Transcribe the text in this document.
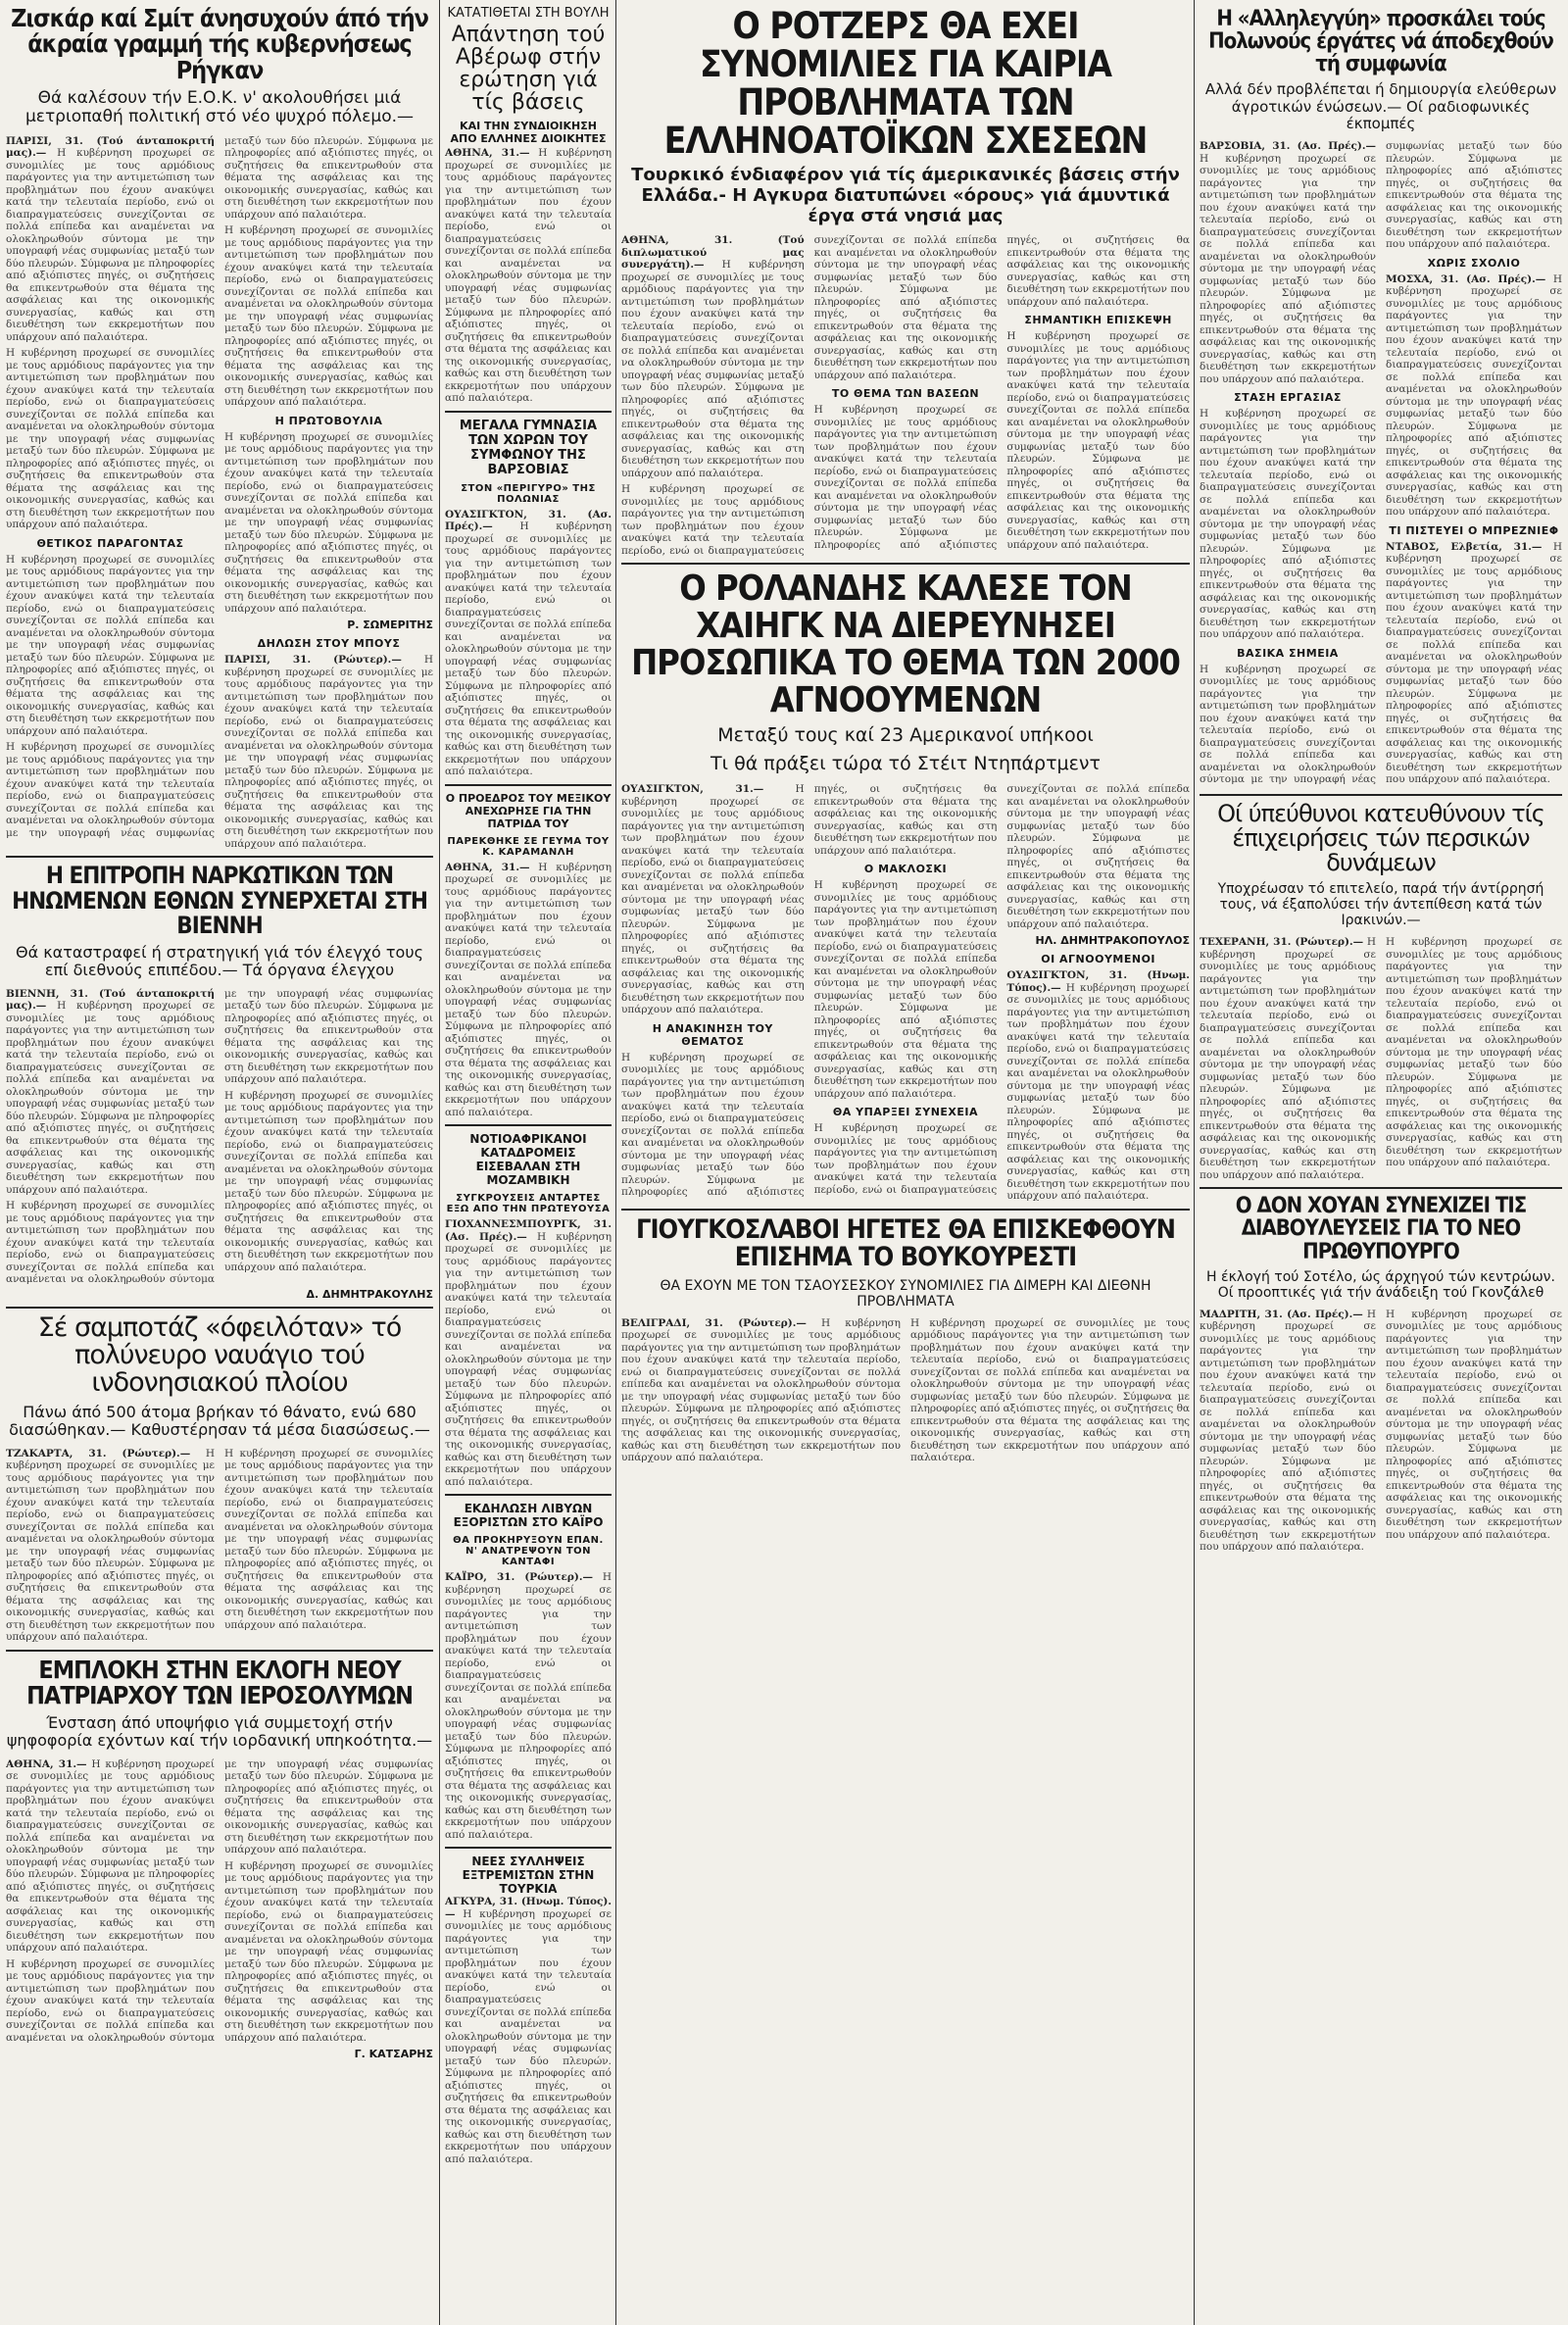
Ζισκάρ καί Σμίτ άνησυχούν άπό τήν άκραία γραμμή τής κυβερνήσεως Ρήγκαν
Θά καλέσουν τήν Ε.Ο.Κ. ν' ακολουθήσει μιά μετριοπαθή πολιτική στό νέο ψυχρό πόλεμο.—

ΠΑΡΙΣΙ, 31. (Τού άνταποκριτή μας).— Η κυβέρνηση προχωρεί σε συνομιλίες με τους αρμόδιους παράγοντες για την αντιμετώπιση των προβλημάτων που έχουν ανακύψει κατά την τελευταία περίοδο, ενώ οι διαπραγματεύσεις συνεχίζονται σε πολλά επίπεδα και αναμένεται να ολοκληρωθούν σύντομα με την υπογραφή νέας συμφωνίας μεταξύ των δύο πλευρών. Σύμφωνα με πληροφορίες από αξιόπιστες πηγές, οι συζητήσεις θα επικεντρωθούν στα θέματα της ασφάλειας και της οικονομικής συνεργασίας, καθώς και στη διευθέτηση των εκκρεμοτήτων που υπάρχουν από παλαιότερα.

Η κυβέρνηση προχωρεί σε συνομιλίες με τους αρμόδιους παράγοντες για την αντιμετώπιση των προβλημάτων που έχουν ανακύψει κατά την τελευταία περίοδο, ενώ οι διαπραγματεύσεις συνεχίζονται σε πολλά επίπεδα και αναμένεται να ολοκληρωθούν σύντομα με την υπογραφή νέας συμφωνίας μεταξύ των δύο πλευρών. Σύμφωνα με πληροφορίες από αξιόπιστες πηγές, οι συζητήσεις θα επικεντρωθούν στα θέματα της ασφάλειας και της οικονομικής συνεργασίας, καθώς και στη διευθέτηση των εκκρεμοτήτων που υπάρχουν από παλαιότερα.

ΘΕΤΙΚΟΣ ΠΑΡΑΓΟΝΤΑΣ

Η κυβέρνηση προχωρεί σε συνομιλίες με τους αρμόδιους παράγοντες για την αντιμετώπιση των προβλημάτων που έχουν ανακύψει κατά την τελευταία περίοδο, ενώ οι διαπραγματεύσεις συνεχίζονται σε πολλά επίπεδα και αναμένεται να ολοκληρωθούν σύντομα με την υπογραφή νέας συμφωνίας μεταξύ των δύο πλευρών. Σύμφωνα με πληροφορίες από αξιόπιστες πηγές, οι συζητήσεις θα επικεντρωθούν στα θέματα της ασφάλειας και της οικονομικής συνεργασίας, καθώς και στη διευθέτηση των εκκρεμοτήτων που υπάρχουν από παλαιότερα.

Η κυβέρνηση προχωρεί σε συνομιλίες με τους αρμόδιους παράγοντες για την αντιμετώπιση των προβλημάτων που έχουν ανακύψει κατά την τελευταία περίοδο, ενώ οι διαπραγματεύσεις συνεχίζονται σε πολλά επίπεδα και αναμένεται να ολοκληρωθούν σύντομα με την υπογραφή νέας συμφωνίας μεταξύ των δύο πλευρών. Σύμφωνα με πληροφορίες από αξιόπιστες πηγές, οι συζητήσεις θα επικεντρωθούν στα θέματα της ασφάλειας και της οικονομικής συνεργασίας, καθώς και στη διευθέτηση των εκκρεμοτήτων που υπάρχουν από παλαιότερα.

Η κυβέρνηση προχωρεί σε συνομιλίες με τους αρμόδιους παράγοντες για την αντιμετώπιση των προβλημάτων που έχουν ανακύψει κατά την τελευταία περίοδο, ενώ οι διαπραγματεύσεις συνεχίζονται σε πολλά επίπεδα και αναμένεται να ολοκληρωθούν σύντομα με την υπογραφή νέας συμφωνίας μεταξύ των δύο πλευρών. Σύμφωνα με πληροφορίες από αξιόπιστες πηγές, οι συζητήσεις θα επικεντρωθούν στα θέματα της ασφάλειας και της οικονομικής συνεργασίας, καθώς και στη διευθέτηση των εκκρεμοτήτων που υπάρχουν από παλαιότερα.

Η ΠΡΩΤΟΒΟΥΛΙΑ

Η κυβέρνηση προχωρεί σε συνομιλίες με τους αρμόδιους παράγοντες για την αντιμετώπιση των προβλημάτων που έχουν ανακύψει κατά την τελευταία περίοδο, ενώ οι διαπραγματεύσεις συνεχίζονται σε πολλά επίπεδα και αναμένεται να ολοκληρωθούν σύντομα με την υπογραφή νέας συμφωνίας μεταξύ των δύο πλευρών. Σύμφωνα με πληροφορίες από αξιόπιστες πηγές, οι συζητήσεις θα επικεντρωθούν στα θέματα της ασφάλειας και της οικονομικής συνεργασίας, καθώς και στη διευθέτηση των εκκρεμοτήτων που υπάρχουν από παλαιότερα.

Ρ. ΣΩΜΕΡΙΤΗΣ
ΔΗΛΩΣΗ ΣΤΟΥ ΜΠΟΥΣ

ΠΑΡΙΣΙ, 31. (Ρώυτερ).— Η κυβέρνηση προχωρεί σε συνομιλίες με τους αρμόδιους παράγοντες για την αντιμετώπιση των προβλημάτων που έχουν ανακύψει κατά την τελευταία περίοδο, ενώ οι διαπραγματεύσεις συνεχίζονται σε πολλά επίπεδα και αναμένεται να ολοκληρωθούν σύντομα με την υπογραφή νέας συμφωνίας μεταξύ των δύο πλευρών. Σύμφωνα με πληροφορίες από αξιόπιστες πηγές, οι συζητήσεις θα επικεντρωθούν στα θέματα της ασφάλειας και της οικονομικής συνεργασίας, καθώς και στη διευθέτηση των εκκρεμοτήτων που υπάρχουν από παλαιότερα.

Η ΕΠΙΤΡΟΠΗ ΝΑΡΚΩΤΙΚΩΝ ΤΩΝ ΗΝΩΜΕΝΩΝ ΕΘΝΩΝ ΣΥΝΕΡΧΕΤΑΙ ΣΤΗ ΒΙΕΝΝΗ
Θά καταστραφεί ή στρατηγική γιά τόν έλεγχό τους επί διεθνούς επιπέδου.— Τά όργανα έλεγχου

ΒΙΕΝΝΗ, 31. (Τού άνταποκριτή μας).— Η κυβέρνηση προχωρεί σε συνομιλίες με τους αρμόδιους παράγοντες για την αντιμετώπιση των προβλημάτων που έχουν ανακύψει κατά την τελευταία περίοδο, ενώ οι διαπραγματεύσεις συνεχίζονται σε πολλά επίπεδα και αναμένεται να ολοκληρωθούν σύντομα με την υπογραφή νέας συμφωνίας μεταξύ των δύο πλευρών. Σύμφωνα με πληροφορίες από αξιόπιστες πηγές, οι συζητήσεις θα επικεντρωθούν στα θέματα της ασφάλειας και της οικονομικής συνεργασίας, καθώς και στη διευθέτηση των εκκρεμοτήτων που υπάρχουν από παλαιότερα.

Η κυβέρνηση προχωρεί σε συνομιλίες με τους αρμόδιους παράγοντες για την αντιμετώπιση των προβλημάτων που έχουν ανακύψει κατά την τελευταία περίοδο, ενώ οι διαπραγματεύσεις συνεχίζονται σε πολλά επίπεδα και αναμένεται να ολοκληρωθούν σύντομα με την υπογραφή νέας συμφωνίας μεταξύ των δύο πλευρών. Σύμφωνα με πληροφορίες από αξιόπιστες πηγές, οι συζητήσεις θα επικεντρωθούν στα θέματα της ασφάλειας και της οικονομικής συνεργασίας, καθώς και στη διευθέτηση των εκκρεμοτήτων που υπάρχουν από παλαιότερα.

Η κυβέρνηση προχωρεί σε συνομιλίες με τους αρμόδιους παράγοντες για την αντιμετώπιση των προβλημάτων που έχουν ανακύψει κατά την τελευταία περίοδο, ενώ οι διαπραγματεύσεις συνεχίζονται σε πολλά επίπεδα και αναμένεται να ολοκληρωθούν σύντομα με την υπογραφή νέας συμφωνίας μεταξύ των δύο πλευρών. Σύμφωνα με πληροφορίες από αξιόπιστες πηγές, οι συζητήσεις θα επικεντρωθούν στα θέματα της ασφάλειας και της οικονομικής συνεργασίας, καθώς και στη διευθέτηση των εκκρεμοτήτων που υπάρχουν από παλαιότερα.

Δ. ΔΗΜΗΤΡΑΚΟΥΛΗΣ
Σέ σαμποτάζ «όφειλόταν» τό πολύνευρο ναυάγιο τού ινδονησιακού πλοίου
Πάνω άπό 500 άτομα βρήκαν τό θάνατο, ενώ 680 διασώθηκαν.— Καθυστέρησαν τά μέσα διασώσεως.—

ΤΖΑΚΑΡΤΑ, 31. (Ρώυτερ).— Η κυβέρνηση προχωρεί σε συνομιλίες με τους αρμόδιους παράγοντες για την αντιμετώπιση των προβλημάτων που έχουν ανακύψει κατά την τελευταία περίοδο, ενώ οι διαπραγματεύσεις συνεχίζονται σε πολλά επίπεδα και αναμένεται να ολοκληρωθούν σύντομα με την υπογραφή νέας συμφωνίας μεταξύ των δύο πλευρών. Σύμφωνα με πληροφορίες από αξιόπιστες πηγές, οι συζητήσεις θα επικεντρωθούν στα θέματα της ασφάλειας και της οικονομικής συνεργασίας, καθώς και στη διευθέτηση των εκκρεμοτήτων που υπάρχουν από παλαιότερα.

Η κυβέρνηση προχωρεί σε συνομιλίες με τους αρμόδιους παράγοντες για την αντιμετώπιση των προβλημάτων που έχουν ανακύψει κατά την τελευταία περίοδο, ενώ οι διαπραγματεύσεις συνεχίζονται σε πολλά επίπεδα και αναμένεται να ολοκληρωθούν σύντομα με την υπογραφή νέας συμφωνίας μεταξύ των δύο πλευρών. Σύμφωνα με πληροφορίες από αξιόπιστες πηγές, οι συζητήσεις θα επικεντρωθούν στα θέματα της ασφάλειας και της οικονομικής συνεργασίας, καθώς και στη διευθέτηση των εκκρεμοτήτων που υπάρχουν από παλαιότερα.

ΕΜΠΛΟΚΗ ΣΤΗΝ ΕΚΛΟΓΗ ΝΕΟΥ ΠΑΤΡΙΑΡΧΟΥ ΤΩΝ ΙΕΡΟΣΟΛΥΜΩΝ
Ένσταση άπό υποψήφιο γιά συμμετοχή στήν ψηφοφορία εχόντων καί τήν ιορδανική υπηκοότητα.—

ΑΘΗΝΑ, 31.— Η κυβέρνηση προχωρεί σε συνομιλίες με τους αρμόδιους παράγοντες για την αντιμετώπιση των προβλημάτων που έχουν ανακύψει κατά την τελευταία περίοδο, ενώ οι διαπραγματεύσεις συνεχίζονται σε πολλά επίπεδα και αναμένεται να ολοκληρωθούν σύντομα με την υπογραφή νέας συμφωνίας μεταξύ των δύο πλευρών. Σύμφωνα με πληροφορίες από αξιόπιστες πηγές, οι συζητήσεις θα επικεντρωθούν στα θέματα της ασφάλειας και της οικονομικής συνεργασίας, καθώς και στη διευθέτηση των εκκρεμοτήτων που υπάρχουν από παλαιότερα.

Η κυβέρνηση προχωρεί σε συνομιλίες με τους αρμόδιους παράγοντες για την αντιμετώπιση των προβλημάτων που έχουν ανακύψει κατά την τελευταία περίοδο, ενώ οι διαπραγματεύσεις συνεχίζονται σε πολλά επίπεδα και αναμένεται να ολοκληρωθούν σύντομα με την υπογραφή νέας συμφωνίας μεταξύ των δύο πλευρών. Σύμφωνα με πληροφορίες από αξιόπιστες πηγές, οι συζητήσεις θα επικεντρωθούν στα θέματα της ασφάλειας και της οικονομικής συνεργασίας, καθώς και στη διευθέτηση των εκκρεμοτήτων που υπάρχουν από παλαιότερα.

Η κυβέρνηση προχωρεί σε συνομιλίες με τους αρμόδιους παράγοντες για την αντιμετώπιση των προβλημάτων που έχουν ανακύψει κατά την τελευταία περίοδο, ενώ οι διαπραγματεύσεις συνεχίζονται σε πολλά επίπεδα και αναμένεται να ολοκληρωθούν σύντομα με την υπογραφή νέας συμφωνίας μεταξύ των δύο πλευρών. Σύμφωνα με πληροφορίες από αξιόπιστες πηγές, οι συζητήσεις θα επικεντρωθούν στα θέματα της ασφάλειας και της οικονομικής συνεργασίας, καθώς και στη διευθέτηση των εκκρεμοτήτων που υπάρχουν από παλαιότερα.

Γ. ΚΑΤΣΑΡΗΣ
ΚΑΤΑΤΙΘΕΤΑΙ ΣΤΗ ΒΟΥΛΗ
Απάντηση τού Αβέρωφ στήν ερώτηση γιά τίς βάσεις
ΚΑΙ ΤΗΝ ΣΥΝΔΙΟΙΚΗΣΗ ΑΠΟ ΕΛΛΗΝΕΣ ΔΙΟΙΚΗΤΕΣ

ΑΘΗΝΑ, 31.— Η κυβέρνηση προχωρεί σε συνομιλίες με τους αρμόδιους παράγοντες για την αντιμετώπιση των προβλημάτων που έχουν ανακύψει κατά την τελευταία περίοδο, ενώ οι διαπραγματεύσεις συνεχίζονται σε πολλά επίπεδα και αναμένεται να ολοκληρωθούν σύντομα με την υπογραφή νέας συμφωνίας μεταξύ των δύο πλευρών. Σύμφωνα με πληροφορίες από αξιόπιστες πηγές, οι συζητήσεις θα επικεντρωθούν στα θέματα της ασφάλειας και της οικονομικής συνεργασίας, καθώς και στη διευθέτηση των εκκρεμοτήτων που υπάρχουν από παλαιότερα.

ΜΕΓΑΛΑ ΓΥΜΝΑΣΙΑ ΤΩΝ ΧΩΡΩΝ ΤΟΥ ΣΥΜΦΩΝΟΥ ΤΗΣ ΒΑΡΣΟΒΙΑΣ
ΣΤΟΝ «ΠΕΡΙΓΥΡΟ» ΤΗΣ ΠΟΛΩΝΙΑΣ

ΟΥΑΣΙΓΚΤΟΝ, 31. (Ασ. Πρές).—	Η κυβέρνηση προχωρεί σε συνομιλίες με τους αρμόδιους παράγοντες για την αντιμετώπιση των προβλημάτων που έχουν ανακύψει κατά την τελευταία περίοδο, ενώ οι διαπραγματεύσεις συνεχίζονται σε πολλά επίπεδα και αναμένεται να ολοκληρωθούν σύντομα με την υπογραφή νέας συμφωνίας μεταξύ των δύο πλευρών. Σύμφωνα με πληροφορίες από αξιόπιστες πηγές, οι συζητήσεις θα επικεντρωθούν στα θέματα της ασφάλειας και της οικονομικής συνεργασίας, καθώς και στη διευθέτηση των εκκρεμοτήτων που υπάρχουν από παλαιότερα.

Ο ΠΡΟΕΔΡΟΣ ΤΟΥ ΜΕΞΙΚΟΥ ΑΝΕΧΩΡΗΣΕ ΓΙΑ ΤΗΝ ΠΑΤΡΙΔΑ ΤΟΥ
ΠΑΡΕΚΘΗΚΕ ΣΕ ΓΕΥΜΑ ΤΟΥ Κ. ΚΑΡΑΜΑΝΛΗ

ΑΘΗΝΑ, 31.— Η κυβέρνηση προχωρεί σε συνομιλίες με τους αρμόδιους παράγοντες για την αντιμετώπιση των προβλημάτων που έχουν ανακύψει κατά την τελευταία περίοδο, ενώ οι διαπραγματεύσεις συνεχίζονται σε πολλά επίπεδα και αναμένεται να ολοκληρωθούν σύντομα με την υπογραφή νέας συμφωνίας μεταξύ των δύο πλευρών. Σύμφωνα με πληροφορίες από αξιόπιστες πηγές, οι συζητήσεις θα επικεντρωθούν στα θέματα της ασφάλειας και της οικονομικής συνεργασίας, καθώς και στη διευθέτηση των εκκρεμοτήτων που υπάρχουν από παλαιότερα.

ΝΟΤΙΟΑΦΡΙΚΑΝΟΙ ΚΑΤΑΔΡΟΜΕΙΣ ΕΙΣΕΒΑΛΑΝ ΣΤΗ ΜΟΖΑΜΒΙΚΗ
ΣΥΓΚΡΟΥΣΕΙΣ ΑΝΤΑΡΤΕΣ ΕΞΩ ΑΠΟ ΤΗΝ ΠΡΩΤΕΥΟΥΣΑ

ΓΙΟΧΑΝΝΕΣΜΠΟΥΡΓΚ, 31. (Ασ. Πρές).— Η κυβέρνηση προχωρεί σε συνομιλίες με τους αρμόδιους παράγοντες για την αντιμετώπιση των προβλημάτων που έχουν ανακύψει κατά την τελευταία περίοδο, ενώ οι διαπραγματεύσεις συνεχίζονται σε πολλά επίπεδα και αναμένεται να ολοκληρωθούν σύντομα με την υπογραφή νέας συμφωνίας μεταξύ των δύο πλευρών. Σύμφωνα με πληροφορίες από αξιόπιστες πηγές, οι συζητήσεις θα επικεντρωθούν στα θέματα της ασφάλειας και της οικονομικής συνεργασίας, καθώς και στη διευθέτηση των εκκρεμοτήτων που υπάρχουν από παλαιότερα.

ΕΚΔΗΛΩΣΗ ΛΙΒΥΩΝ ΕΞΟΡΙΣΤΩΝ ΣΤΟ ΚΑΪΡΟ
ΘΑ ΠΡΟΚΗΡΥΞΟΥΝ ΕΠΑΝ. Ν' ΑΝΑΤΡΕΨΟΥΝ ΤΟΝ ΚΑΝΤΑΦΙ

ΚΑΪΡΟ, 31. (Ρώυτερ).— Η κυβέρνηση προχωρεί σε συνομιλίες με τους αρμόδιους παράγοντες για την αντιμετώπιση των προβλημάτων που έχουν ανακύψει κατά την τελευταία περίοδο, ενώ οι διαπραγματεύσεις συνεχίζονται σε πολλά επίπεδα και αναμένεται να ολοκληρωθούν σύντομα με την υπογραφή νέας συμφωνίας μεταξύ των δύο πλευρών. Σύμφωνα με πληροφορίες από αξιόπιστες πηγές, οι συζητήσεις θα επικεντρωθούν στα θέματα της ασφάλειας και της οικονομικής συνεργασίας, καθώς και στη διευθέτηση των εκκρεμοτήτων που υπάρχουν από παλαιότερα.

ΝΕΕΣ ΣΥΛΛΗΨΕΙΣ ΕΞΤΡΕΜΙΣΤΩΝ ΣΤΗΝ ΤΟΥΡΚΙΑ

ΑΓΚΥΡΑ, 31. (Ηνωμ. Τύπος).— Η κυβέρνηση προχωρεί σε συνομιλίες με τους αρμόδιους παράγοντες για την αντιμετώπιση των προβλημάτων που έχουν ανακύψει κατά την τελευταία περίοδο, ενώ οι διαπραγματεύσεις συνεχίζονται σε πολλά επίπεδα και αναμένεται να ολοκληρωθούν σύντομα με την υπογραφή νέας συμφωνίας μεταξύ των δύο πλευρών. Σύμφωνα με πληροφορίες από αξιόπιστες πηγές, οι συζητήσεις θα επικεντρωθούν στα θέματα της ασφάλειας και της οικονομικής συνεργασίας, καθώς και στη διευθέτηση των εκκρεμοτήτων που υπάρχουν από παλαιότερα.

Ο ΡΟΤΖΕΡΣ ΘΑ ΕΧΕΙ ΣΥΝΟΜΙΛΙΕΣ ΓΙΑ ΚΑΙΡΙΑ ΠΡΟΒΛΗΜΑΤΑ ΤΩΝ ΕΛΛΗΝΟΑΤΟΪΚΩΝ ΣΧΕΣΕΩΝ
Τουρκικό ένδιαφέρον γιά τίς άμερικανικές βάσεις στήν Ελλάδα.- Η Αγκυρα διατυπώνει «όρους» γιά άμυντικά έργα στά νησιά μας

ΑΘΗΝΑ, 31. (Τού διπλωματικού μας συνεργάτη).— Η κυβέρνηση προχωρεί σε συνομιλίες με τους αρμόδιους παράγοντες για την αντιμετώπιση των προβλημάτων που έχουν ανακύψει κατά την τελευταία περίοδο, ενώ οι διαπραγματεύσεις συνεχίζονται σε πολλά επίπεδα και αναμένεται να ολοκληρωθούν σύντομα με την υπογραφή νέας συμφωνίας μεταξύ των δύο πλευρών. Σύμφωνα με πληροφορίες από αξιόπιστες πηγές, οι συζητήσεις θα επικεντρωθούν στα θέματα της ασφάλειας και της οικονομικής συνεργασίας, καθώς και στη διευθέτηση των εκκρεμοτήτων που υπάρχουν από παλαιότερα.

Η κυβέρνηση προχωρεί σε συνομιλίες με τους αρμόδιους παράγοντες για την αντιμετώπιση των προβλημάτων που έχουν ανακύψει κατά την τελευταία περίοδο, ενώ οι διαπραγματεύσεις συνεχίζονται σε πολλά επίπεδα και αναμένεται να ολοκληρωθούν σύντομα με την υπογραφή νέας συμφωνίας μεταξύ των δύο πλευρών. Σύμφωνα με πληροφορίες από αξιόπιστες πηγές, οι συζητήσεις θα επικεντρωθούν στα θέματα της ασφάλειας και της οικονομικής συνεργασίας, καθώς και στη διευθέτηση των εκκρεμοτήτων που υπάρχουν από παλαιότερα.

ΤΟ ΘΕΜΑ ΤΩΝ ΒΑΣΕΩΝ

Η κυβέρνηση προχωρεί σε συνομιλίες με τους αρμόδιους παράγοντες για την αντιμετώπιση των προβλημάτων που έχουν ανακύψει κατά την τελευταία περίοδο, ενώ οι διαπραγματεύσεις συνεχίζονται σε πολλά επίπεδα και αναμένεται να ολοκληρωθούν σύντομα με την υπογραφή νέας συμφωνίας μεταξύ των δύο πλευρών. Σύμφωνα με πληροφορίες από αξιόπιστες πηγές, οι συζητήσεις θα επικεντρωθούν στα θέματα της ασφάλειας και της οικονομικής συνεργασίας, καθώς και στη διευθέτηση των εκκρεμοτήτων που υπάρχουν από παλαιότερα.

ΣΗΜΑΝΤΙΚΗ ΕΠΙΣΚΕΨΗ

Η κυβέρνηση προχωρεί σε συνομιλίες με τους αρμόδιους παράγοντες για την αντιμετώπιση των προβλημάτων που έχουν ανακύψει κατά την τελευταία περίοδο, ενώ οι διαπραγματεύσεις συνεχίζονται σε πολλά επίπεδα και αναμένεται να ολοκληρωθούν σύντομα με την υπογραφή νέας συμφωνίας μεταξύ των δύο πλευρών. Σύμφωνα με πληροφορίες από αξιόπιστες πηγές, οι συζητήσεις θα επικεντρωθούν στα θέματα της ασφάλειας και της οικονομικής συνεργασίας, καθώς και στη διευθέτηση των εκκρεμοτήτων που υπάρχουν από παλαιότερα.

Ο ΡΟΛΑΝΔΗΣ ΚΑΛΕΣΕ ΤΟΝ ΧΑΙΗΓΚ ΝΑ ΔΙΕΡΕΥΝΗΣΕΙ ΠΡΟΣΩΠΙΚΑ ΤΟ ΘΕΜΑ ΤΩΝ 2000 ΑΓΝΟΟΥΜΕΝΩΝ
Μεταξύ τους καί 23 Αμερικανοί υπήκοοι
Τι θά πράξει τώρα τό Στέιτ Ντηπάρτμεντ

ΟΥΑΣΙΓΚΤΟΝ, 31.—	Η κυβέρνηση προχωρεί σε συνομιλίες με τους αρμόδιους παράγοντες για την αντιμετώπιση των προβλημάτων που έχουν ανακύψει κατά την τελευταία περίοδο, ενώ οι διαπραγματεύσεις συνεχίζονται σε πολλά επίπεδα και αναμένεται να ολοκληρωθούν σύντομα με την υπογραφή νέας συμφωνίας μεταξύ των δύο πλευρών. Σύμφωνα με πληροφορίες από αξιόπιστες πηγές, οι συζητήσεις θα επικεντρωθούν στα θέματα της ασφάλειας και της οικονομικής συνεργασίας, καθώς και στη διευθέτηση των εκκρεμοτήτων που υπάρχουν από παλαιότερα.

Η ΑΝΑΚΙΝΗΣΗ ΤΟΥ ΘΕΜΑΤΟΣ

Η κυβέρνηση προχωρεί σε συνομιλίες με τους αρμόδιους παράγοντες για την αντιμετώπιση των προβλημάτων που έχουν ανακύψει κατά την τελευταία περίοδο, ενώ οι διαπραγματεύσεις συνεχίζονται σε πολλά επίπεδα και αναμένεται να ολοκληρωθούν σύντομα με την υπογραφή νέας συμφωνίας μεταξύ των δύο πλευρών. Σύμφωνα με πληροφορίες από αξιόπιστες πηγές, οι συζητήσεις θα επικεντρωθούν στα θέματα της ασφάλειας και της οικονομικής συνεργασίας, καθώς και στη διευθέτηση των εκκρεμοτήτων που υπάρχουν από παλαιότερα.

Ο ΜΑΚΛΟΣΚΙ

Η κυβέρνηση προχωρεί σε συνομιλίες με τους αρμόδιους παράγοντες για την αντιμετώπιση των προβλημάτων που έχουν ανακύψει κατά την τελευταία περίοδο, ενώ οι διαπραγματεύσεις συνεχίζονται σε πολλά επίπεδα και αναμένεται να ολοκληρωθούν σύντομα με την υπογραφή νέας συμφωνίας μεταξύ των δύο πλευρών. Σύμφωνα με πληροφορίες από αξιόπιστες πηγές, οι συζητήσεις θα επικεντρωθούν στα θέματα της ασφάλειας και της οικονομικής συνεργασίας, καθώς και στη διευθέτηση των εκκρεμοτήτων που υπάρχουν από παλαιότερα.

ΘΑ ΥΠΑΡΞΕΙ ΣΥΝΕΧΕΙΑ

Η κυβέρνηση προχωρεί σε συνομιλίες με τους αρμόδιους παράγοντες για την αντιμετώπιση των προβλημάτων που έχουν ανακύψει κατά την τελευταία περίοδο, ενώ οι διαπραγματεύσεις συνεχίζονται σε πολλά επίπεδα και αναμένεται να ολοκληρωθούν σύντομα με την υπογραφή νέας συμφωνίας μεταξύ των δύο πλευρών. Σύμφωνα με πληροφορίες από αξιόπιστες πηγές, οι συζητήσεις θα επικεντρωθούν στα θέματα της ασφάλειας και της οικονομικής συνεργασίας, καθώς και στη διευθέτηση των εκκρεμοτήτων που υπάρχουν από παλαιότερα.

ΗΛ. ΔΗΜΗΤΡΑΚΟΠΟΥΛΟΣ
ΟΙ ΑΓΝΟΟΥΜΕΝΟΙ

ΟΥΑΣΙΓΚΤΟΝ, 31. (Ηνωμ. Τύπος).— Η κυβέρνηση προχωρεί σε συνομιλίες με τους αρμόδιους παράγοντες για την αντιμετώπιση των προβλημάτων που έχουν ανακύψει κατά την τελευταία περίοδο, ενώ οι διαπραγματεύσεις συνεχίζονται σε πολλά επίπεδα και αναμένεται να ολοκληρωθούν σύντομα με την υπογραφή νέας συμφωνίας μεταξύ των δύο πλευρών. Σύμφωνα με πληροφορίες από αξιόπιστες πηγές, οι συζητήσεις θα επικεντρωθούν στα θέματα της ασφάλειας και της οικονομικής συνεργασίας, καθώς και στη διευθέτηση των εκκρεμοτήτων που υπάρχουν από παλαιότερα.

ΓΙΟΥΓΚΟΣΛΑΒΟΙ ΗΓΕΤΕΣ ΘΑ ΕΠΙΣΚΕΦΘΟΥΝ ΕΠΙΣΗΜΑ ΤΟ ΒΟΥΚΟΥΡΕΣΤΙ
ΘΑ ΕΧΟΥΝ ΜΕ ΤΟΝ ΤΣΑΟΥΣΕΣΚΟΥ ΣΥΝΟΜΙΛΙΕΣ ΓΙΑ ΔΙΜΕΡΗ ΚΑΙ ΔΙΕΘΝΗ ΠΡΟΒΛΗΜΑΤΑ

ΒΕΛΙΓΡΑΔΙ, 31. (Ρώυτερ).— Η κυβέρνηση προχωρεί σε συνομιλίες με τους αρμόδιους παράγοντες για την αντιμετώπιση των προβλημάτων που έχουν ανακύψει κατά την τελευταία περίοδο, ενώ οι διαπραγματεύσεις συνεχίζονται σε πολλά επίπεδα και αναμένεται να ολοκληρωθούν σύντομα με την υπογραφή νέας συμφωνίας μεταξύ των δύο πλευρών. Σύμφωνα με πληροφορίες από αξιόπιστες πηγές, οι συζητήσεις θα επικεντρωθούν στα θέματα της ασφάλειας και της οικονομικής συνεργασίας, καθώς και στη διευθέτηση των εκκρεμοτήτων που υπάρχουν από παλαιότερα.

Η κυβέρνηση προχωρεί σε συνομιλίες με τους αρμόδιους παράγοντες για την αντιμετώπιση των προβλημάτων που έχουν ανακύψει κατά την τελευταία περίοδο, ενώ οι διαπραγματεύσεις συνεχίζονται σε πολλά επίπεδα και αναμένεται να ολοκληρωθούν σύντομα με την υπογραφή νέας συμφωνίας μεταξύ των δύο πλευρών. Σύμφωνα με πληροφορίες από αξιόπιστες πηγές, οι συζητήσεις θα επικεντρωθούν στα θέματα της ασφάλειας και της οικονομικής συνεργασίας, καθώς και στη διευθέτηση των εκκρεμοτήτων που υπάρχουν από παλαιότερα.

Η «Αλληλεγγύη» προσκάλει τούς Πολωνούς έργάτες νά άποδεχθούν τή συμφωνία
Αλλά δέν προβλέπεται ή δημιουργία ελεύθερων άγροτικών ένώσεων.— Οί ραδιοφωνικές έκπομπές

ΒΑΡΣΟΒΙΑ, 31. (Ασ. Πρές).— Η κυβέρνηση προχωρεί σε συνομιλίες με τους αρμόδιους παράγοντες για την αντιμετώπιση των προβλημάτων που έχουν ανακύψει κατά την τελευταία περίοδο, ενώ οι διαπραγματεύσεις συνεχίζονται σε πολλά επίπεδα και αναμένεται να ολοκληρωθούν σύντομα με την υπογραφή νέας συμφωνίας μεταξύ των δύο πλευρών. Σύμφωνα με πληροφορίες από αξιόπιστες πηγές, οι συζητήσεις θα επικεντρωθούν στα θέματα της ασφάλειας και της οικονομικής συνεργασίας, καθώς και στη διευθέτηση των εκκρεμοτήτων που υπάρχουν από παλαιότερα.

ΣΤΑΣΗ ΕΡΓΑΣΙΑΣ

Η κυβέρνηση προχωρεί σε συνομιλίες με τους αρμόδιους παράγοντες για την αντιμετώπιση των προβλημάτων που έχουν ανακύψει κατά την τελευταία περίοδο, ενώ οι διαπραγματεύσεις συνεχίζονται σε πολλά επίπεδα και αναμένεται να ολοκληρωθούν σύντομα με την υπογραφή νέας συμφωνίας μεταξύ των δύο πλευρών. Σύμφωνα με πληροφορίες από αξιόπιστες πηγές, οι συζητήσεις θα επικεντρωθούν στα θέματα της ασφάλειας και της οικονομικής συνεργασίας, καθώς και στη διευθέτηση των εκκρεμοτήτων που υπάρχουν από παλαιότερα.

ΒΑΣΙΚΑ ΣΗΜΕΙΑ

Η κυβέρνηση προχωρεί σε συνομιλίες με τους αρμόδιους παράγοντες για την αντιμετώπιση των προβλημάτων που έχουν ανακύψει κατά την τελευταία περίοδο, ενώ οι διαπραγματεύσεις συνεχίζονται σε πολλά επίπεδα και αναμένεται να ολοκληρωθούν σύντομα με την υπογραφή νέας συμφωνίας μεταξύ των δύο πλευρών. Σύμφωνα με πληροφορίες από αξιόπιστες πηγές, οι συζητήσεις θα επικεντρωθούν στα θέματα της ασφάλειας και της οικονομικής συνεργασίας, καθώς και στη διευθέτηση των εκκρεμοτήτων που υπάρχουν από παλαιότερα.

ΧΩΡΙΣ ΣΧΟΛΙΟ

ΜΟΣΧΑ, 31. (Ασ. Πρές).— Η κυβέρνηση προχωρεί σε συνομιλίες με τους αρμόδιους παράγοντες για την αντιμετώπιση των προβλημάτων που έχουν ανακύψει κατά την τελευταία περίοδο, ενώ οι διαπραγματεύσεις συνεχίζονται σε πολλά επίπεδα και αναμένεται να ολοκληρωθούν σύντομα με την υπογραφή νέας συμφωνίας μεταξύ των δύο πλευρών. Σύμφωνα με πληροφορίες από αξιόπιστες πηγές, οι συζητήσεις θα επικεντρωθούν στα θέματα της ασφάλειας και της οικονομικής συνεργασίας, καθώς και στη διευθέτηση των εκκρεμοτήτων που υπάρχουν από παλαιότερα.

ΤΙ ΠΙΣΤΕΥΕΙ Ο ΜΠΡΕΖΝΙΕΦ

ΝΤΑΒΟΣ, Ελβετία, 31.— Η κυβέρνηση προχωρεί σε συνομιλίες με τους αρμόδιους παράγοντες για την αντιμετώπιση των προβλημάτων που έχουν ανακύψει κατά την τελευταία περίοδο, ενώ οι διαπραγματεύσεις συνεχίζονται σε πολλά επίπεδα και αναμένεται να ολοκληρωθούν σύντομα με την υπογραφή νέας συμφωνίας μεταξύ των δύο πλευρών. Σύμφωνα με πληροφορίες από αξιόπιστες πηγές, οι συζητήσεις θα επικεντρωθούν στα θέματα της ασφάλειας και της οικονομικής συνεργασίας, καθώς και στη διευθέτηση των εκκρεμοτήτων που υπάρχουν από παλαιότερα.

Οί ύπεύθυνοι κατευθύνουν τίς έπιχειρήσεις τών περσικών δυνάμεων
Υποχρέωσαν τό επιτελείο, παρά τήν άντίρρησή τους, νά έξαπολύσει τήν άντεπίθεση κατά τών Ιρακινών.—

ΤΕΧΕΡΑΝΗ, 31. (Ρώυτερ).— Η κυβέρνηση προχωρεί σε συνομιλίες με τους αρμόδιους παράγοντες για την αντιμετώπιση των προβλημάτων που έχουν ανακύψει κατά την τελευταία περίοδο, ενώ οι διαπραγματεύσεις συνεχίζονται σε πολλά επίπεδα και αναμένεται να ολοκληρωθούν σύντομα με την υπογραφή νέας συμφωνίας μεταξύ των δύο πλευρών. Σύμφωνα με πληροφορίες από αξιόπιστες πηγές, οι συζητήσεις θα επικεντρωθούν στα θέματα της ασφάλειας και της οικονομικής συνεργασίας, καθώς και στη διευθέτηση των εκκρεμοτήτων που υπάρχουν από παλαιότερα.

Η κυβέρνηση προχωρεί σε συνομιλίες με τους αρμόδιους παράγοντες για την αντιμετώπιση των προβλημάτων που έχουν ανακύψει κατά την τελευταία περίοδο, ενώ οι διαπραγματεύσεις συνεχίζονται σε πολλά επίπεδα και αναμένεται να ολοκληρωθούν σύντομα με την υπογραφή νέας συμφωνίας μεταξύ των δύο πλευρών. Σύμφωνα με πληροφορίες από αξιόπιστες πηγές, οι συζητήσεις θα επικεντρωθούν στα θέματα της ασφάλειας και της οικονομικής συνεργασίας, καθώς και στη διευθέτηση των εκκρεμοτήτων που υπάρχουν από παλαιότερα.

Ο ΔΟΝ ΧΟΥΑΝ ΣΥΝΕΧΙΖΕΙ ΤΙΣ ΔΙΑΒΟΥΛΕΥΣΕΙΣ ΓΙΑ ΤΟ ΝΕΟ ΠΡΩΘΥΠΟΥΡΓΟ
Η έκλογή τού Σοτέλο, ώς άρχηγού τών κεντρώων. Οί προοπτικές γιά τήν άνάδειξη τού Γκονζάλεθ

ΜΑΔΡΙΤΗ, 31. (Ασ. Πρές).— Η κυβέρνηση προχωρεί σε συνομιλίες με τους αρμόδιους παράγοντες για την αντιμετώπιση των προβλημάτων που έχουν ανακύψει κατά την τελευταία περίοδο, ενώ οι διαπραγματεύσεις συνεχίζονται σε πολλά επίπεδα και αναμένεται να ολοκληρωθούν σύντομα με την υπογραφή νέας συμφωνίας μεταξύ των δύο πλευρών. Σύμφωνα με πληροφορίες από αξιόπιστες πηγές, οι συζητήσεις θα επικεντρωθούν στα θέματα της ασφάλειας και της οικονομικής συνεργασίας, καθώς και στη διευθέτηση των εκκρεμοτήτων που υπάρχουν από παλαιότερα.

Η κυβέρνηση προχωρεί σε συνομιλίες με τους αρμόδιους παράγοντες για την αντιμετώπιση των προβλημάτων που έχουν ανακύψει κατά την τελευταία περίοδο, ενώ οι διαπραγματεύσεις συνεχίζονται σε πολλά επίπεδα και αναμένεται να ολοκληρωθούν σύντομα με την υπογραφή νέας συμφωνίας μεταξύ των δύο πλευρών. Σύμφωνα με πληροφορίες από αξιόπιστες πηγές, οι συζητήσεις θα επικεντρωθούν στα θέματα της ασφάλειας και της οικονομικής συνεργασίας, καθώς και στη διευθέτηση των εκκρεμοτήτων που υπάρχουν από παλαιότερα.
